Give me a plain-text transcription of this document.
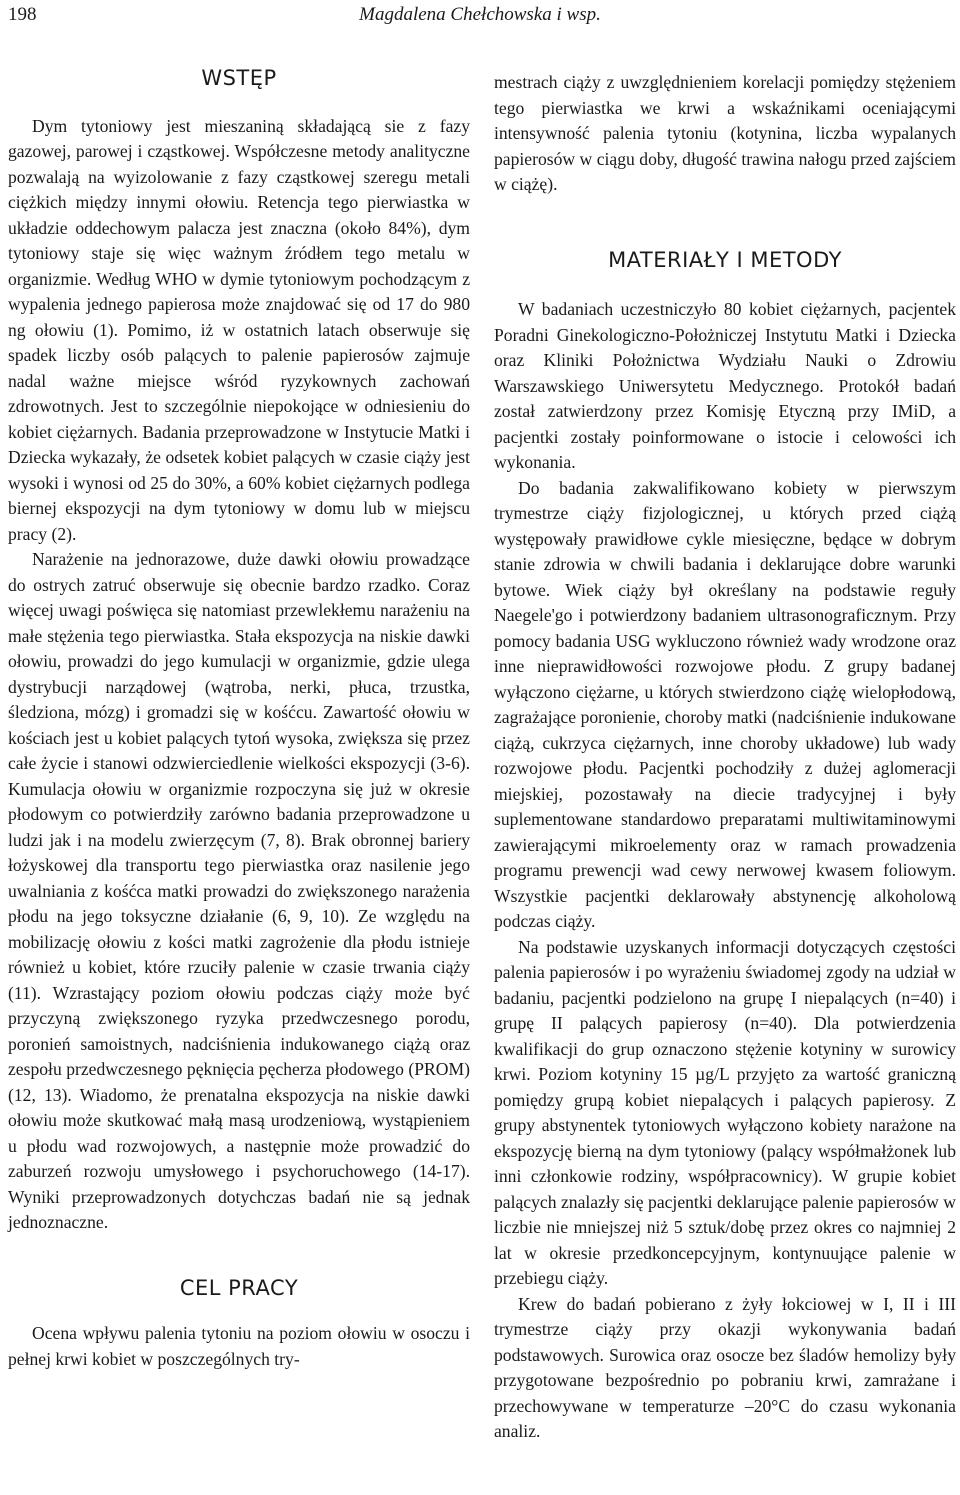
198	Magdalena Chełchowska i wsp.
WSTĘP

Dym tytoniowy jest mieszaniną składającą sie z fazy gazowej, parowej i cząstkowej. Współczesne metody analityczne pozwalają na wyizolowanie z fazy cząstkowej szeregu metali ciężkich między innymi ołowiu. Retencja tego pierwiastka w układzie oddechowym palacza jest znaczna (około 84%), dym tytoniowy staje się więc ważnym źródłem tego metalu w organizmie. Według WHO w dymie tytoniowym pochodzącym z wypalenia jednego papierosa może znajdować się od 17 do 980 ng ołowiu (1). Pomimo, iż w ostatnich latach obserwuje się spadek liczby osób palących to palenie papierosów zajmuje nadal ważne miejsce wśród ryzykownych zachowań zdrowotnych. Jest to szczególnie niepokojące w odniesieniu do kobiet ciężarnych. Badania przeprowadzone w Instytucie Matki i Dziecka wykazały, że odsetek kobiet palących w czasie ciąży jest wysoki i wynosi od 25 do 30%, a 60% kobiet ciężarnych podlega biernej ekspozycji na dym tytoniowy w domu lub w miejscu pracy (2).

Narażenie na jednorazowe, duże dawki ołowiu prowadzące do ostrych zatruć obserwuje się obecnie bardzo rzadko. Coraz więcej uwagi poświęca się natomiast przewlekłemu narażeniu na małe stężenia tego pierwiastka. Stała ekspozycja na niskie dawki ołowiu, prowadzi do jego kumulacji w organizmie, gdzie ulega dystrybucji narządowej (wątroba, nerki, płuca, trzustka, śledziona, mózg) i gromadzi się w kośćcu. Zawartość ołowiu w kościach jest u kobiet palących tytoń wysoka, zwiększa się przez całe życie i stanowi odzwierciedlenie wielkości ekspozycji (3-6). Kumulacja ołowiu w organizmie rozpoczyna się już w okresie płodowym co potwierdziły zarówno badania przeprowadzone u ludzi jak i na modelu zwierzęcym (7, 8). Brak obronnej bariery łożyskowej dla transportu tego pierwiastka oraz nasilenie jego uwalniania z kośćca matki prowadzi do zwiększonego narażenia płodu na jego toksyczne działanie (6, 9, 10). Ze względu na mobilizację ołowiu z kości matki zagrożenie dla płodu istnieje również u kobiet, które rzuciły palenie w czasie trwania ciąży (11). Wzrastający poziom ołowiu podczas ciąży może być przyczyną zwiększonego ryzyka przedwczesnego porodu, poronień samoistnych, nadciśnienia indukowanego ciążą oraz zespołu przedwczesnego pęknięcia pęcherza płodowego (PROM) (12, 13). Wiadomo, że prenatalna ekspozycja na niskie dawki ołowiu może skutkować małą masą urodzeniową, wystąpieniem u płodu wad rozwojowych, a następnie może prowadzić do zaburzeń rozwoju umysłowego i psychoruchowego (14-17). Wyniki przeprowadzonych dotychczas badań nie są jednak jednoznaczne.

CEL PRACY

Ocena wpływu palenia tytoniu na poziom ołowiu w osoczu i pełnej krwi kobiet w poszczególnych try-

mestrach ciąży z uwzględnieniem korelacji pomiędzy stężeniem tego pierwiastka we krwi a wskaźnikami oceniającymi intensywność palenia tytoniu (kotynina, liczba wypalanych papierosów w ciągu doby, długość trawina nałogu przed zajściem w ciążę).

MATERIAŁY I METODY

W badaniach uczestniczyło 80 kobiet ciężarnych, pacjentek Poradni Ginekologiczno-Położniczej Instytutu Matki i Dziecka oraz Kliniki Położnictwa Wydziału Nauki o Zdrowiu Warszawskiego Uniwersytetu Medycznego. Protokół badań został zatwierdzony przez Komisję Etyczną przy IMiD, a pacjentki zostały poinformowane o istocie i celowości ich wykonania.

Do badania zakwalifikowano kobiety w pierwszym trymestrze ciąży fizjologicznej, u których przed ciążą występowały prawidłowe cykle miesięczne, będące w dobrym stanie zdrowia w chwili badania i deklarujące dobre warunki bytowe. Wiek ciąży był określany na podstawie reguły Naegele'go i potwierdzony badaniem ultrasonograficznym. Przy pomocy badania USG wykluczono również wady wrodzone oraz inne nieprawidłowości rozwojowe płodu. Z grupy badanej wyłączono ciężarne, u których stwierdzono ciążę wielopłodową, zagrażające poronienie, choroby matki (nadciśnienie indukowane ciążą, cukrzyca ciężarnych, inne choroby układowe) lub wady rozwojowe płodu. Pacjentki pochodziły z dużej aglomeracji miejskiej, pozostawały na diecie tradycyjnej i były suplementowane standardowo preparatami multiwitaminowymi zawierającymi mikroelementy oraz w ramach prowadzenia programu prewencji wad cewy nerwowej kwasem foliowym. Wszystkie pacjentki deklarowały abstynencję alkoholową podczas ciąży.

Na podstawie uzyskanych informacji dotyczących częstości palenia papierosów i po wyrażeniu świadomej zgody na udział w badaniu, pacjentki podzielono na grupę I niepalących (n=40) i grupę II palących papierosy (n=40). Dla potwierdzenia kwalifikacji do grup oznaczono stężenie kotyniny w surowicy krwi. Poziom kotyniny 15 µg/L przyjęto za wartość graniczną pomiędzy grupą kobiet niepalących i palących papierosy. Z grupy abstynentek tytoniowych wyłączono kobiety narażone na ekspozycję bierną na dym tytoniowy (palący współmałżonek lub inni członkowie rodziny, współpracownicy). W grupie kobiet palących znalazły się pacjentki deklarujące palenie papierosów w liczbie nie mniejszej niż 5 sztuk/dobę przez okres co najmniej 2 lat w okresie przedkoncepcyjnym, kontynuujące palenie w przebiegu ciąży.

Krew do badań pobierano z żyły łokciowej w I, II i III trymestrze ciąży przy okazji wykonywania badań podstawowych. Surowica oraz osocze bez śladów hemolizy były przygotowane bezpośrednio po pobraniu krwi, zamrażane i przechowywane w temperaturze –20°C do czasu wykonania analiz.
